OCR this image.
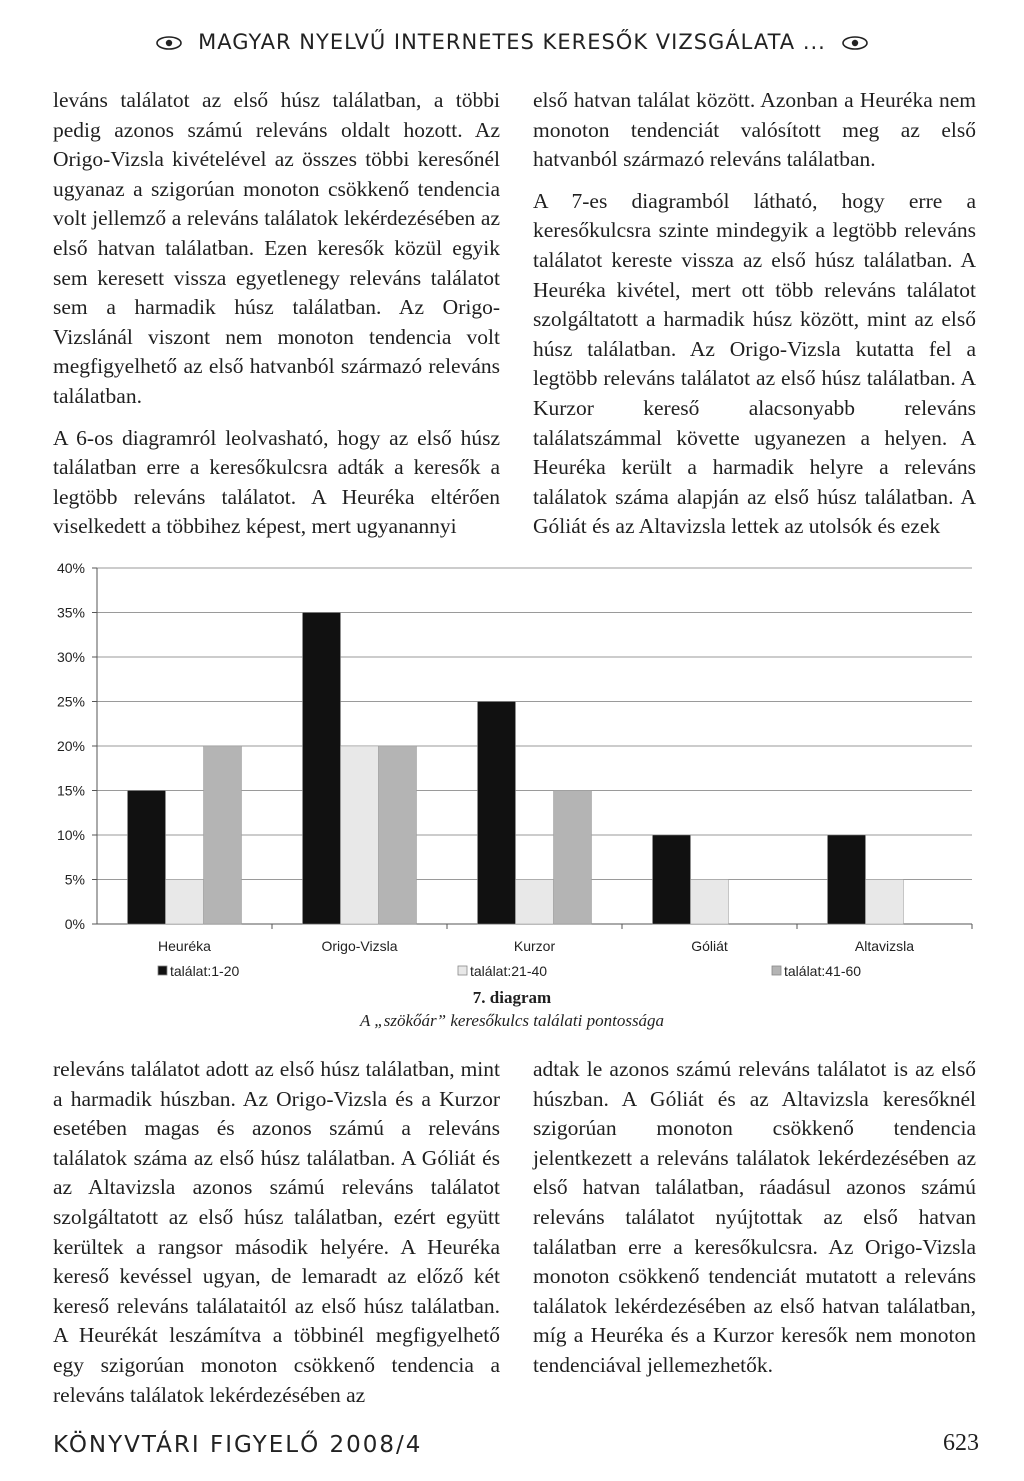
MAGYAR NYELVŰ INTERNETES KERESŐK VIZSGÁLATA ...

leváns találatot az első húsz találatban, a többi pedig azonos számú releváns oldalt hozott. Az Origo-Vizsla kivételével az összes többi keresőnél ugyanaz a szigorúan monoton csökkenő tendencia volt jellemző a releváns találatok lekérdezésében az első hatvan találatban. Ezen keresők közül egyik sem keresett vissza egyetlenegy releváns találatot sem a harmadik húsz találatban. Az Origo-Vizslánál viszont nem monoton tendencia volt megfigyelhető az első hatvanból származó releváns találatban.

A 6-os diagramról leolvasható, hogy az első húsz találatban erre a keresőkulcsra adták a keresők a legtöbb releváns találatot. A Heuréka eltérően viselkedett a többihez képest, mert ugyanannyi

első hatvan találat között. Azonban a Heuréka nem monoton tendenciát valósított meg az első hatvanból származó releváns találatban.

A 7-es diagramból látható, hogy erre a keresőkulcsra szinte mindegyik a legtöbb releváns találatot kereste vissza az első húsz találatban. A Heuréka kivétel, mert ott több releváns találatot szolgáltatott a harmadik húsz között, mint az első húsz találatban. Az Origo-Vizsla kutatta fel a legtöbb releváns találatot az első húsz találatban. A Kurzor kereső alacsonyabb releváns találatszámmal követte ugyanezen a helyen. A Heuréka került a harmadik helyre a releváns találatok száma alapján az első húsz találatban. A Góliát és az Altavizsla lettek az utolsók és ezek

0%
5%
10%
15%
20%
25%
30%
35%
40%
Heuréka	Origo-Vizsla	Kurzor	Góliát	Altavizsla
találat:1-20	találat:21-40	találat:41-60
7. diagram
A „szökőár” keresőkulcs találati pontossága

releváns találatot adott az első húsz találatban, mint a harmadik húszban. Az Origo-Vizsla és a Kurzor esetében magas és azonos számú a releváns találatok száma az első húsz találatban. A Góliát és az Altavizsla azonos számú releváns találatot szolgáltatott az első húsz találatban, ezért együtt kerültek a rangsor második helyére. A Heuréka kereső kevéssel ugyan, de lemaradt az előző két kereső releváns találataitól az első húsz találatban. A Heurékát leszámítva a többinél megfigyelhető egy szigorúan monoton csökkenő tendencia a releváns találatok lekérdezésében az

adtak le azonos számú releváns találatot is az első húszban. A Góliát és az Altavizsla keresőknél szigorúan monoton csökkenő tendencia jelentkezett a releváns találatok lekérdezésében az első hatvan találatban, ráadásul azonos számú releváns találatot nyújtottak az első hatvan találatban erre a keresőkulcsra. Az Origo-Vizsla monoton csökkenő tendenciát mutatott a releváns találatok lekérdezésében az első hatvan találatban, míg a Heuréka és a Kurzor keresők nem monoton tendenciával jellemezhetők.

KÖNYVTÁRI FIGYELŐ 2008/4	623
